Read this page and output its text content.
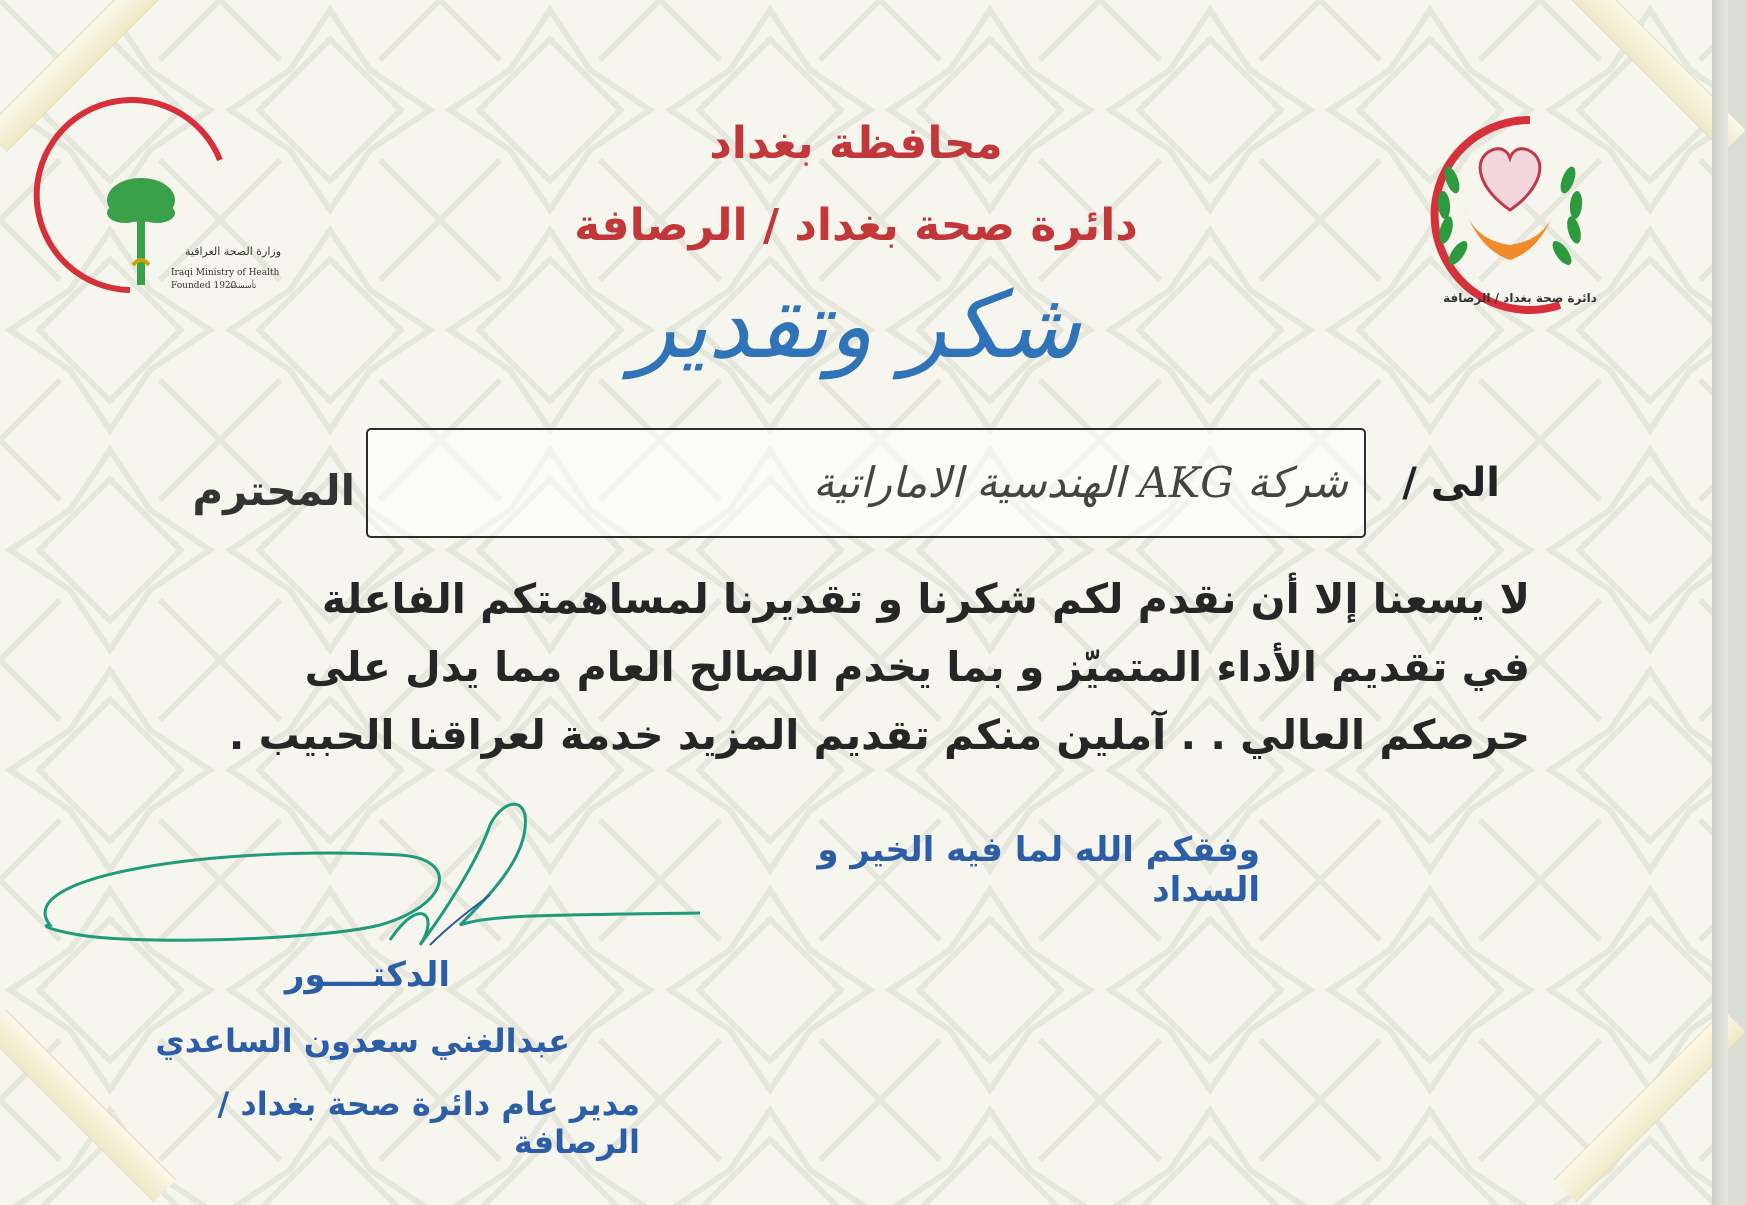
وزارة الصحة العراقية
Iraqi Ministry of Health
Founded 1920
تأسست
دائرة صحة بغداد / الرصافة
محافظة بغداد
دائرة صحة بغداد / الرصافة
شكر وتقدير
المحترم	شركة AKG الهندسية الاماراتية الى /

لا يسعنا إلا أن نقدم لكم شكرنا و تقديرنا لمساهمتكم الفاعلة

في تقديم الأداء المتميّز و بما يخدم الصالح العام مما يدل على

حرصكم العالي . . آملين منكم تقديم المزيد خدمة لعراقنا الحبيب .

وفقكم الله لما فيه الخير و السداد
الدكتــــور
عبدالغني سعدون الساعدي
مدير عام دائرة صحة بغداد / الرصافة
